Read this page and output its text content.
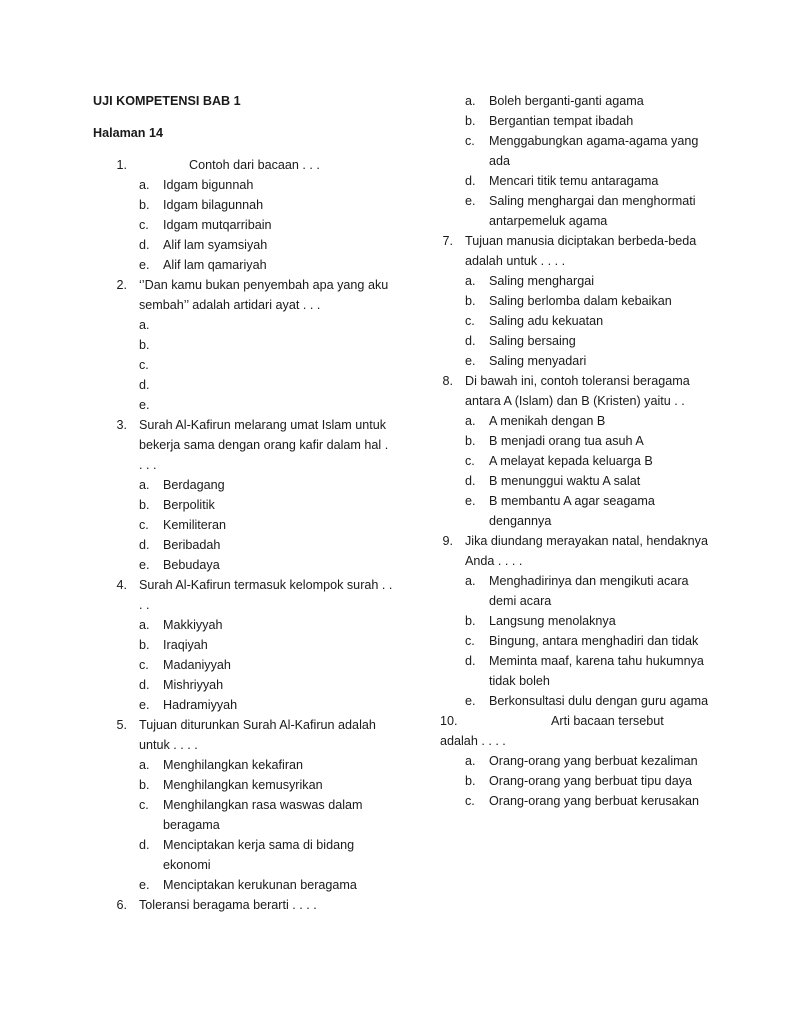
UJI KOMPETENSI BAB 1
Halaman 14
1.	Contoh dari bacaan . . .
a.	Idgam bigunnah
b.	Idgam bilagunnah
c.	Idgam mutqarribain
d.	Alif lam syamsiyah
e.	Alif lam qamariyah
2. ‘’Dan kamu bukan penyembah apa yang aku sembah’’ adalah artidari ayat . . .
a.
b.
c.
d.
e.
3. Surah Al-Kafirun melarang umat Islam untuk bekerja sama dengan orang kafir dalam hal . . . .
a.	Berdagang
b.	Berpolitik
c.	Kemiliteran
d.	Beribadah
e.	Bebudaya
4. Surah Al-Kafirun termasuk kelompok surah . . . .
a.	Makkiyyah
b.	Iraqiyah
c.	Madaniyyah
d.	Mishriyyah
e.	Hadramiyyah
5. Tujuan diturunkan Surah Al-Kafirun adalah untuk . . . .
a.	Menghilangkan kekafiran
b.	Menghilangkan kemusyrikan
c.	Menghilangkan rasa waswas dalam beragama
d.	Menciptakan kerja sama di bidang ekonomi
e.	Menciptakan kerukunan beragama
6. Toleransi beragama berarti . . . .
a.	Boleh berganti-ganti agama
b.	Bergantian tempat ibadah
c.	Menggabungkan agama-agama yang ada
d.	Mencari titik temu antaragama
e.	Saling menghargai dan menghormati antarpemeluk agama
7. Tujuan manusia diciptakan berbeda-beda adalah untuk . . . .
a.	Saling menghargai
b.	Saling berlomba dalam kebaikan
c.	Saling adu kekuatan
d.	Saling bersaing
e.	Saling menyadari
8. Di bawah ini, contoh toleransi beragama antara A (Islam) dan B (Kristen) yaitu . .
a.	A menikah dengan B
b.	B menjadi orang tua asuh A
c.	A melayat kepada keluarga B
d.	B menunggui waktu A salat
e.	B membantu A agar seagama dengannya
9. Jika diundang merayakan natal, hendaknya Anda . . . .
a.	Menghadirinya dan mengikuti acara demi acara
b.	Langsung menolaknya
c.	Bingung, antara menghadiri dan tidak
d.	Meminta maaf, karena tahu hukumnya tidak boleh
e.	Berkonsultasi dulu dengan guru agama
10.	Arti bacaan tersebut
adalah . . . .
a.	Orang-orang yang berbuat kezaliman
b.	Orang-orang yang berbuat tipu daya
c.	Orang-orang yang berbuat kerusakan
